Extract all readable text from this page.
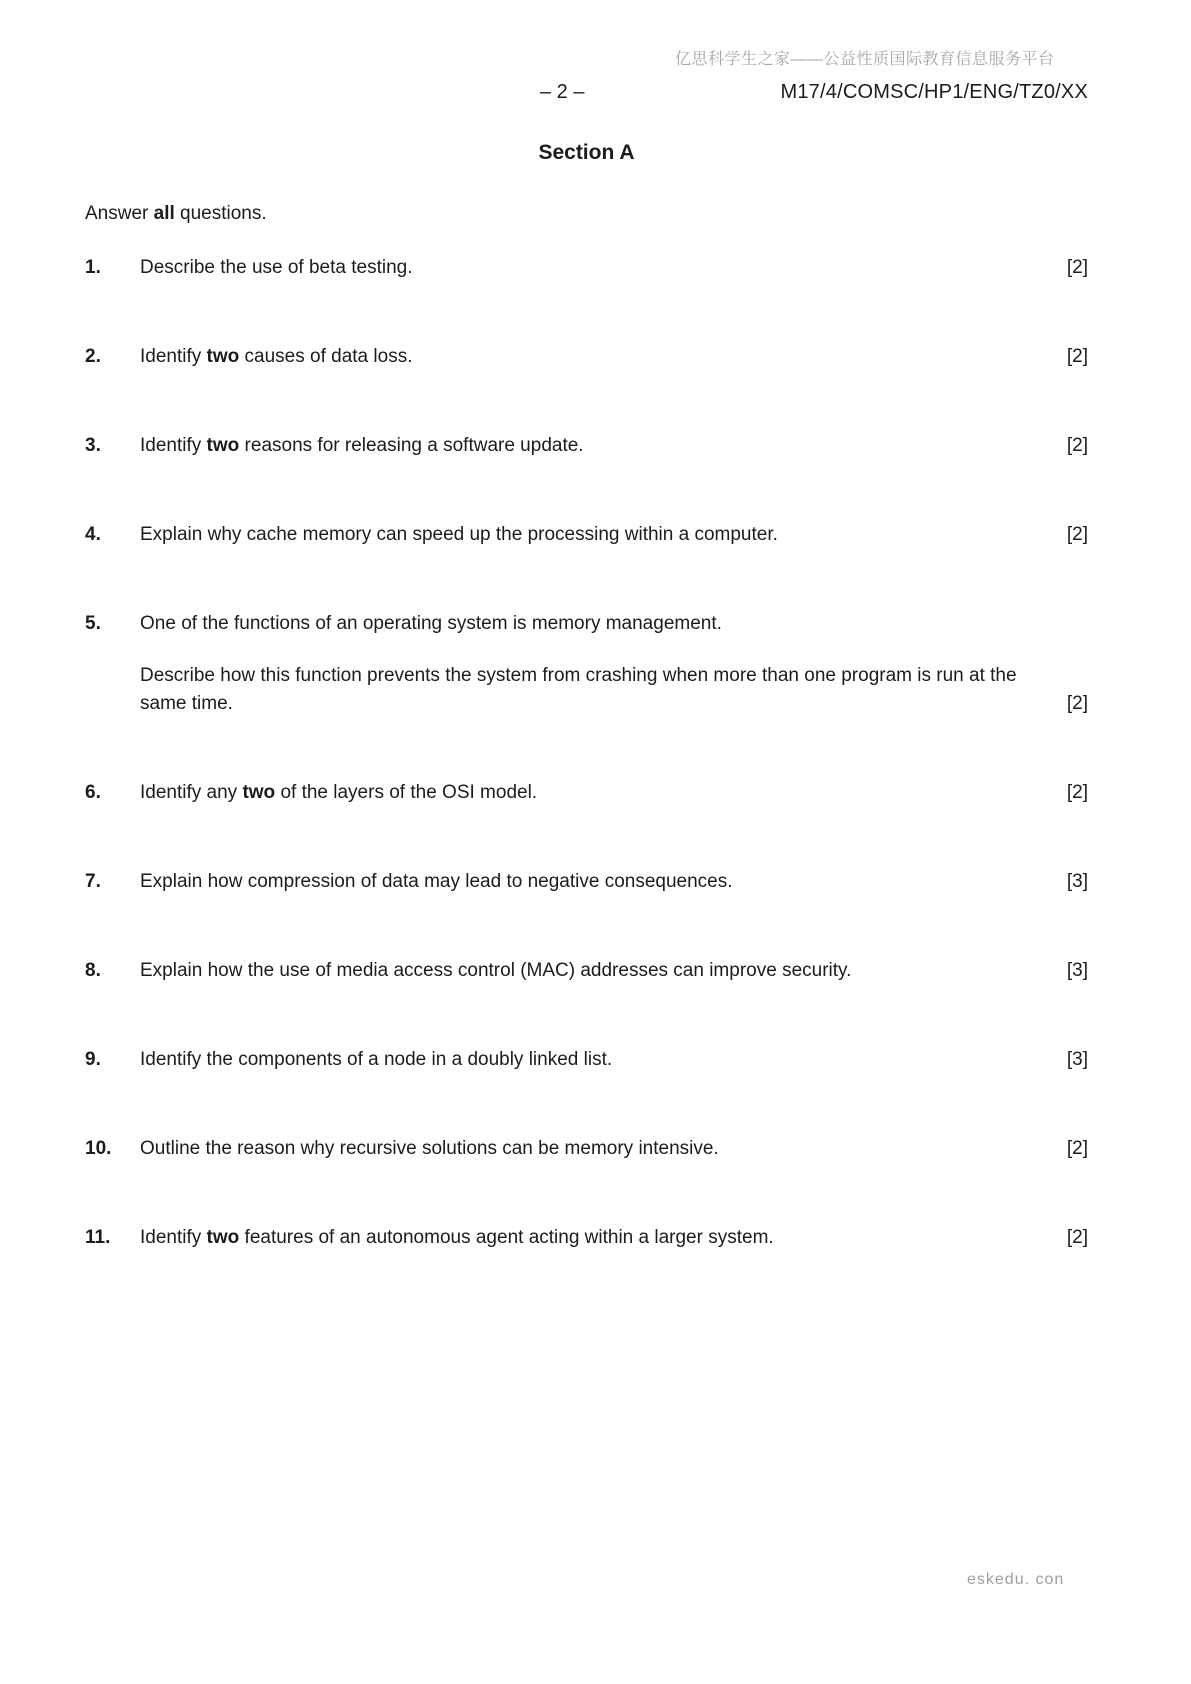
亿思科学生之家——公益性质国际教育信息服务平台
– 2 –	M17/4/COMSC/HP1/ENG/TZ0/XX
Section A

Answer all questions.

1.	Describe the use of beta testing.	[2]
2.	Identify two causes of data loss.	[2]
3.	Identify two reasons for releasing a software update.	[2]
4.	Explain why cache memory can speed up the processing within a computer.	[2]
5.	One of the functions of an operating system is memory management.

Describe how this function prevents the system from crashing when more than one program is run at the same time.	[2]
6.	Identify any two of the layers of the OSI model.	[2]
7.	Explain how compression of data may lead to negative consequences.	[3]
8.	Explain how the use of media access control (MAC) addresses can improve security.	[3]
9.	Identify the components of a node in a doubly linked list.	[3]
10.	Outline the reason why recursive solutions can be memory intensive.	[2]
11.	Identify two features of an autonomous agent acting within a larger system.	[2]
eskedu. con
